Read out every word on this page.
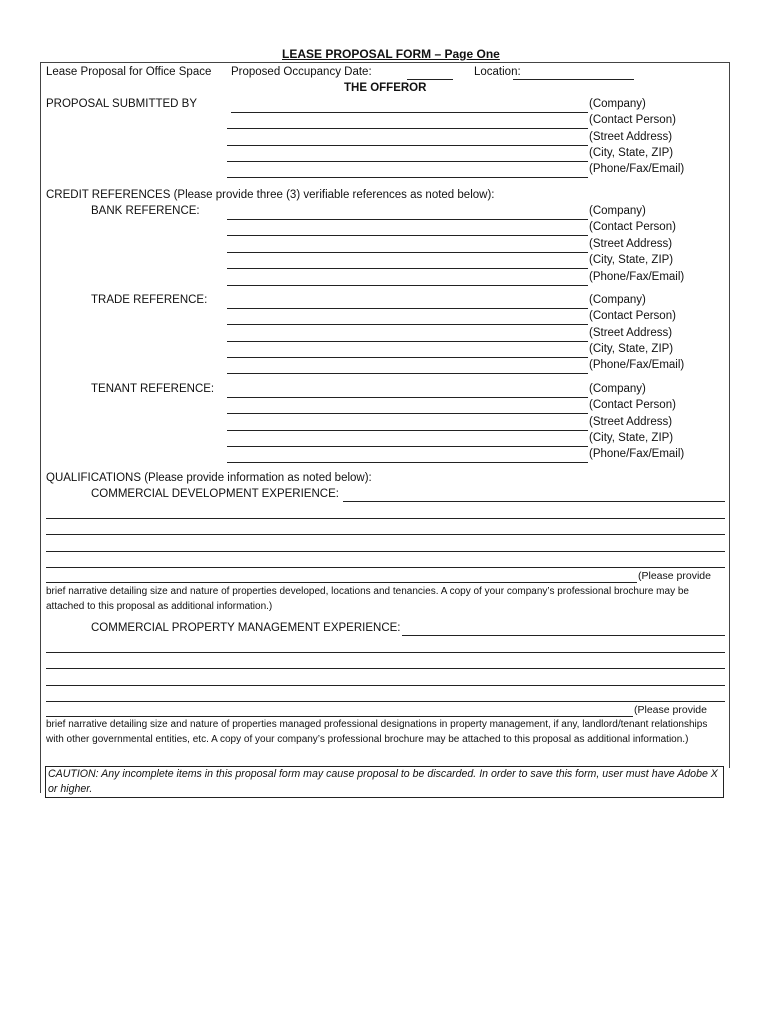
LEASE PROPOSAL FORM – Page One
Lease Proposal for Office Space Proposed Occupancy Date:	Location:
THE OFFEROR
PROPOSAL SUBMITTED BY	(Company)
(Contact Person)
(Street Address)
(City, State, ZIP)
(Phone/Fax/Email)
CREDIT REFERENCES (Please provide three (3) verifiable references as noted below):
BANK REFERENCE:	(Company)
(Contact Person)
(Street Address)
(City, State, ZIP)
(Phone/Fax/Email)
TRADE REFERENCE:	(Company)
(Contact Person)
(Street Address)
(City, State, ZIP)
(Phone/Fax/Email)
TENANT REFERENCE:	(Company)
(Contact Person)
(Street Address)
(City, State, ZIP)
(Phone/Fax/Email)
QUALIFICATIONS (Please provide information as noted below):
COMMERCIAL DEVELOPMENT EXPERIENCE:
(Please provide
brief narrative detailing size and nature of properties developed, locations and tenancies. A copy of your company’s professional brochure may be attached to this proposal as additional information.)
COMMERCIAL PROPERTY MANAGEMENT EXPERIENCE:
(Please provide
brief narrative detailing size and nature of properties managed professional designations in property management, if any, landlord/tenant relationships with other governmental entities, etc. A copy of your company’s professional brochure may be attached to this proposal as additional information.)
CAUTION: Any incomplete items in this proposal form may cause proposal to be discarded. In order to save this form, user must have Adobe X or higher.
